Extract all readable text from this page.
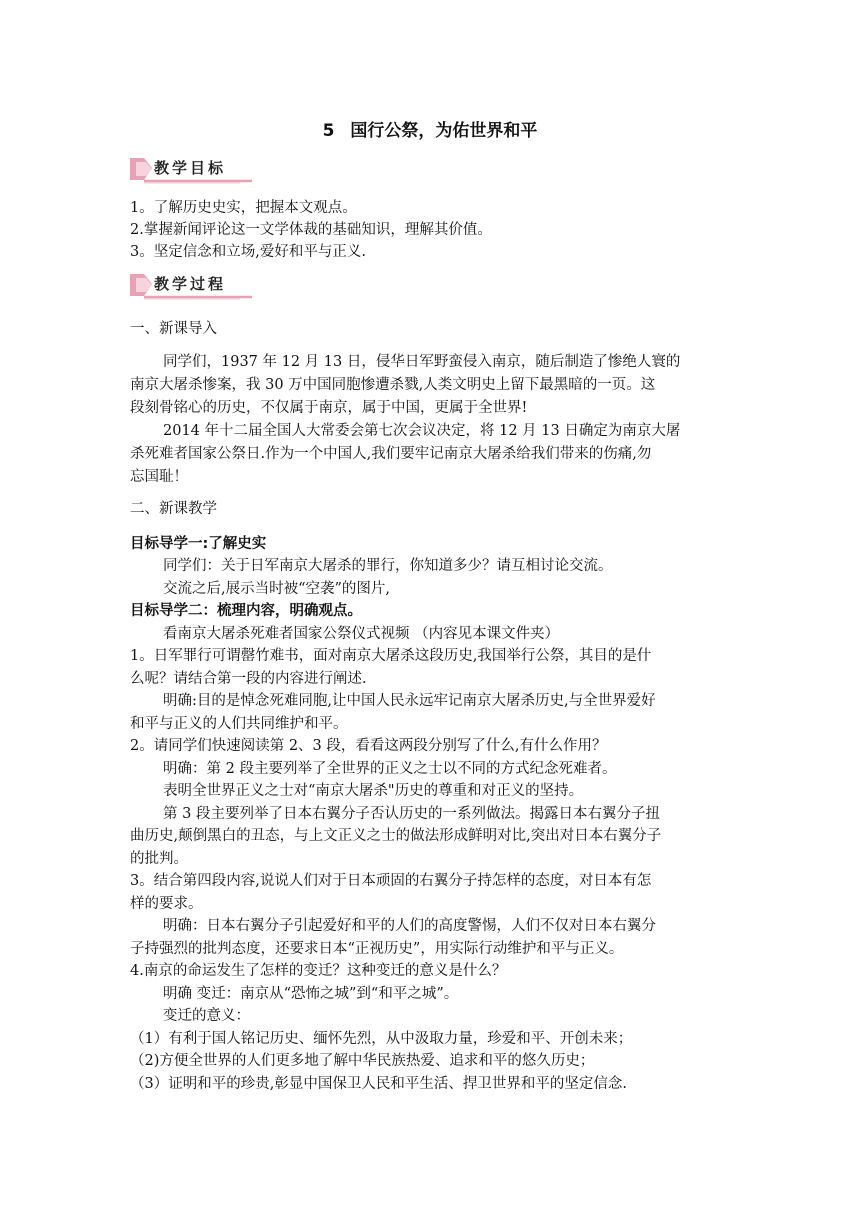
5 国行公祭，为佑世界和平
教学目标
1。了解历史史实，把握本文观点。
2.掌握新闻评论这一文学体裁的基础知识，理解其价值。
3。坚定信念和立场,爱好和平与正义.
教学过程
一、新课导入
同学们，1937 年 12 月 13 日，侵华日军野蛮侵入南京，随后制造了惨绝人寰的
南京大屠杀惨案，我 30 万中国同胞惨遭杀戮,人类文明史上留下最黑暗的一页。这
段刻骨铭心的历史，不仅属于南京，属于中国，更属于全世界!
2014 年十二届全国人大常委会第七次会议决定，将 12 月 13 日确定为南京大屠
杀死难者国家公祭日.作为一个中国人,我们要牢记南京大屠杀给我们带来的伤痛,勿
忘国耻！
二、新课教学
目标导学一:了解史实
同学们：关于日军南京大屠杀的罪行，你知道多少？请互相讨论交流。
交流之后,展示当时被“空袭”的图片,
目标导学二：梳理内容，明确观点。
看南京大屠杀死难者国家公祭仪式视频 （内容见本课文件夹）
1。日军罪行可谓罄竹难书，面对南京大屠杀这段历史,我国举行公祭，其目的是什
么呢？请结合第一段的内容进行阐述.
明确:目的是悼念死难同胞,让中国人民永远牢记南京大屠杀历史,与全世界爱好
和平与正义的人们共同维护和平。
2。请同学们快速阅读第 2、3 段，看看这两段分别写了什么,有什么作用？
明确：第 2 段主要列举了全世界的正义之士以不同的方式纪念死难者。
表明全世界正义之士对“南京大屠杀"历史的尊重和对正义的坚持。
第 3 段主要列举了日本右翼分子否认历史的一系列做法。揭露日本右翼分子扭
曲历史,颠倒黑白的丑态，与上文正义之士的做法形成鲜明对比,突出对日本右翼分子
的批判。
3。结合第四段内容,说说人们对于日本顽固的右翼分子持怎样的态度，对日本有怎
样的要求。
明确：日本右翼分子引起爱好和平的人们的高度警惕，人们不仅对日本右翼分
子持强烈的批判态度，还要求日本“正视历史”，用实际行动维护和平与正义。
4.南京的命运发生了怎样的变迁？这种变迁的意义是什么？
明确 变迁：南京从“恐怖之城”到“和平之城”。
变迁的意义：
（1）有利于国人铭记历史、缅怀先烈，从中汲取力量，珍爱和平、开创未来；
（2)方便全世界的人们更多地了解中华民族热爱、追求和平的悠久历史；
（3）证明和平的珍贵,彰显中国保卫人民和平生活、捍卫世界和平的坚定信念.
